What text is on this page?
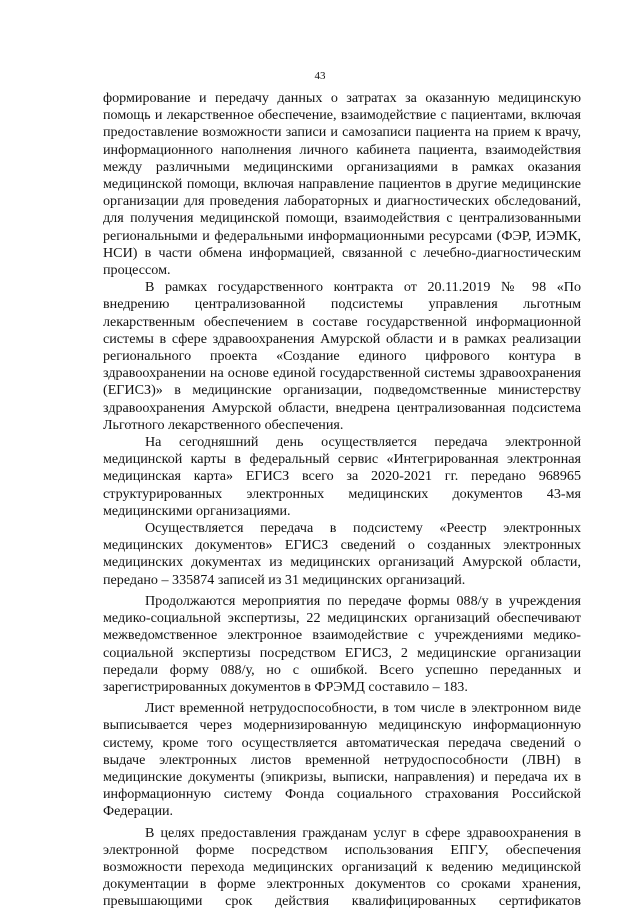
43

формирование и передачу данных о затратах за оказанную медицинскую помощь и лекарственное обеспечение, взаимодействие с пациентами, включая предоставление возможности записи и самозаписи пациента на прием к врачу, информационного наполнения личного кабинета пациента, взаимодействия между различными медицинскими организациями в рамках оказания медицинской помощи, включая направление пациентов в другие медицинские организации для проведения лабораторных и диагностических обследований, для получения медицинской помощи, взаимодействия с централизованными региональными и федеральными информационными ресурсами (ФЭР, ИЭМК, НСИ) в части обмена информацией, связанной с лечебно-диагностическим процессом.

В рамках государственного контракта от 20.11.2019 № 98 «По внедрению централизованной подсистемы управления льготным лекарственным обеспечением в составе государственной информационной системы в сфере здравоохранения Амурской области и в рамках реализации регионального проекта «Создание единого цифрового контура в здравоохранении на основе единой государственной системы здравоохранения (ЕГИСЗ)» в медицинские организации, подведомственные министерству здравоохранения Амурской области, внедрена централизованная подсистема Льготного лекарственного обеспечения.

На сегодняшний день осуществляется передача электронной медицинской карты в федеральный сервис «Интегрированная электронная медицинская карта» ЕГИСЗ всего за 2020-2021 гг. передано 968965 структурированных электронных медицинских документов 43-мя медицинскими организациями.

Осуществляется передача в подсистему «Реестр электронных медицинских документов» ЕГИСЗ сведений о созданных электронных медицинских документах из медицинских организаций Амурской области, передано – 335874 записей из 31 медицинских организаций.

Продолжаются мероприятия по передаче формы 088/у в учреждения медико-социальной экспертизы, 22 медицинских организаций обеспечивают межведомственное электронное взаимодействие с учреждениями медико-социальной экспертизы посредством ЕГИСЗ, 2 медицинские организации передали форму 088/у, но с ошибкой. Всего успешно переданных и зарегистрированных документов в ФРЭМД составило – 183.

Лист временной нетрудоспособности, в том числе в электронном виде выписывается через модернизированную медицинскую информационную систему, кроме того осуществляется автоматическая передача сведений о выдаче электронных листов временной нетрудоспособности (ЛВН) в медицинские документы (эпикризы, выписки, направления) и передача их в информационную систему Фонда социального страхования Российской Федерации.

В целях предоставления гражданам услуг в сфере здравоохранения в электронной форме посредством использования ЕПГУ, обеспечения возможности перехода медицинских организаций к ведению медицинской документации в форме электронных документов со сроками хранения, превышающими срок действия квалифицированных сертификатов
